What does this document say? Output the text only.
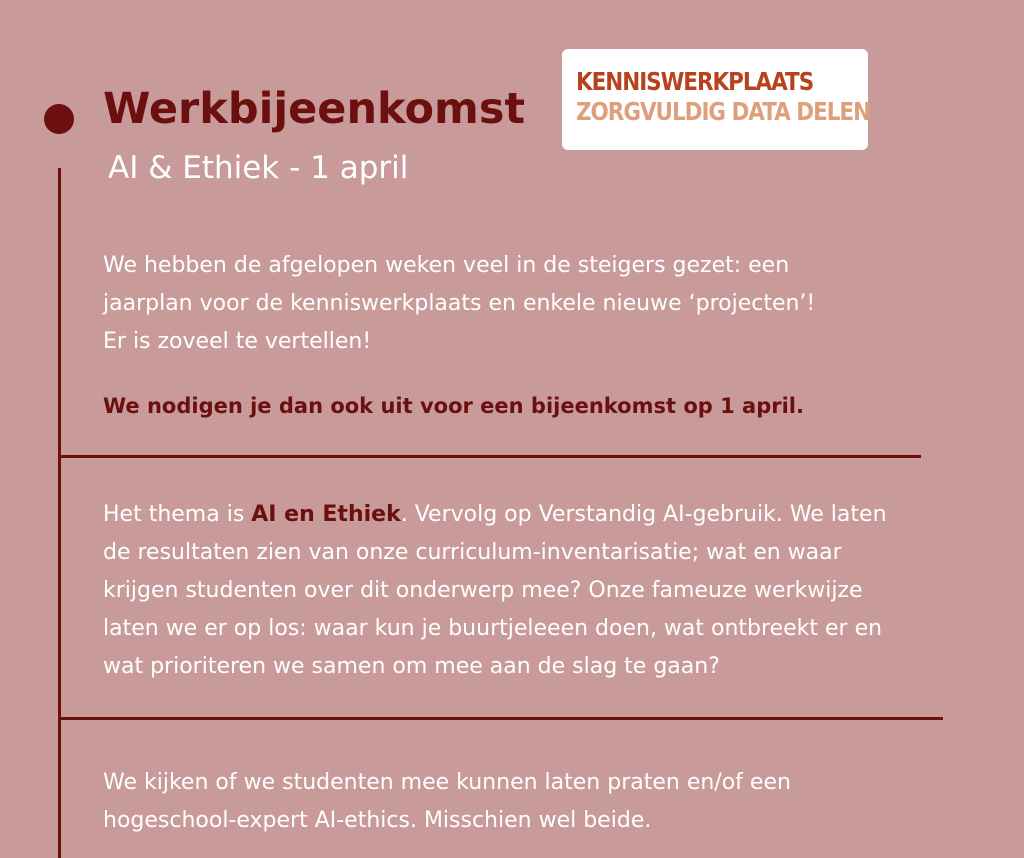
Werkbijeenkomst
AI & Ethiek - 1 april
KENNISWERKPLAATS
ZORGVULDIG DATA DELEN
We hebben de afgelopen weken veel in de steigers gezet: een
jaarplan voor de kenniswerkplaats en enkele nieuwe ‘projecten’!
Er is zoveel te vertellen!
We nodigen je dan ook uit voor een bijeenkomst op 1 april.
Het thema is AI en Ethiek. Vervolg op Verstandig AI-gebruik. We laten
de resultaten zien van onze curriculum-inventarisatie; wat en waar
krijgen studenten over dit onderwerp mee? Onze fameuze werkwijze
laten we er op los: waar kun je buurtjeleeen doen, wat ontbreekt er en
wat prioriteren we samen om mee aan de slag te gaan?
We kijken of we studenten mee kunnen laten praten en/of een
hogeschool-expert AI-ethics. Misschien wel beide.
